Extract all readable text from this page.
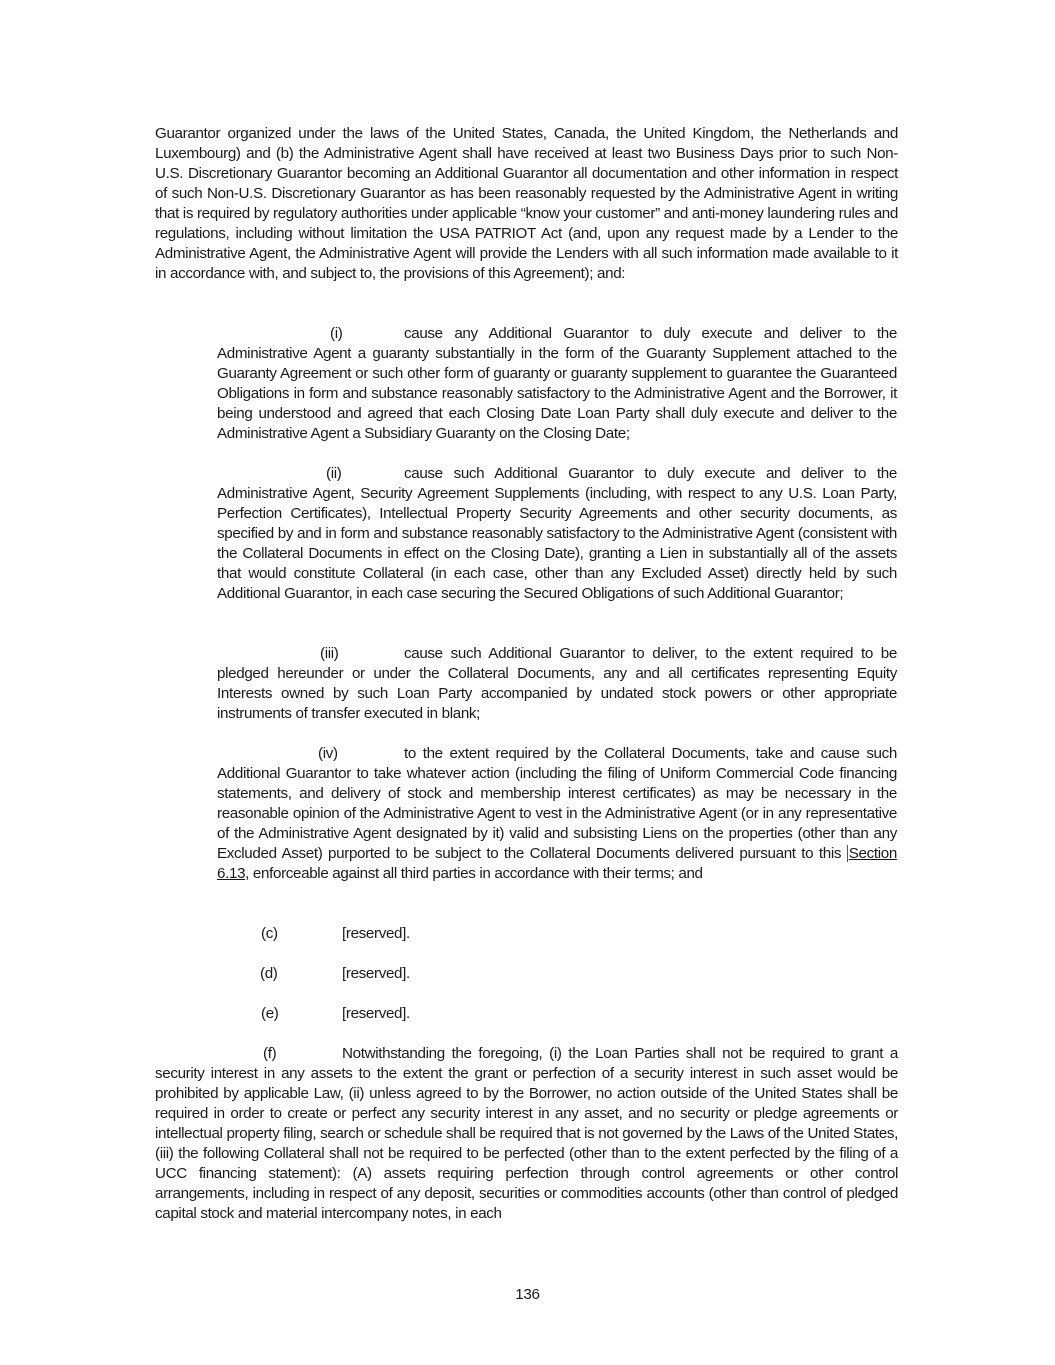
Guarantor organized under the laws of the United States, Canada, the United Kingdom, the Netherlands and Luxembourg) and (b) the Administrative Agent shall have received at least two Business Days prior to such Non-U.S. Discretionary Guarantor becoming an Additional Guarantor all documentation and other information in respect of such Non-U.S. Discretionary Guarantor as has been reasonably requested by the Administrative Agent in writing that is required by regulatory authorities under applicable “know your customer” and anti-money laundering rules and regulations, including without limitation the USA PATRIOT Act (and, upon any request made by a Lender to the Administrative Agent, the Administrative Agent will provide the Lenders with all such information made available to it in accordance with, and subject to, the provisions of this Agreement); and:

(i)	cause any Additional Guarantor to duly execute and deliver to the Administrative Agent a guaranty substantially in the form of the Guaranty Supplement attached to the Guaranty Agreement or such other form of guaranty or guaranty supplement to guarantee the Guaranteed Obligations in form and substance reasonably satisfactory to the Administrative Agent and the Borrower, it being understood and agreed that each Closing Date Loan Party shall duly execute and deliver to the Administrative Agent a Subsidiary Guaranty on the Closing Date;

(ii)	cause such Additional Guarantor to duly execute and deliver to the Administrative Agent, Security Agreement Supplements (including, with respect to any U.S. Loan Party, Perfection Certificates), Intellectual Property Security Agreements and other security documents, as specified by and in form and substance reasonably satisfactory to the Administrative Agent (consistent with the Collateral Documents in effect on the Closing Date), granting a Lien in substantially all of the assets that would constitute Collateral (in each case, other than any Excluded Asset) directly held by such Additional Guarantor, in each case securing the Secured Obligations of such Additional Guarantor;

(iii)	cause such Additional Guarantor to deliver, to the extent required to be pledged hereunder or under the Collateral Documents, any and all certificates representing Equity Interests owned by such Loan Party accompanied by undated stock powers or other appropriate instruments of transfer executed in blank;

(iv)	to the extent required by the Collateral Documents, take and cause such Additional Guarantor to take whatever action (including the filing of Uniform Commercial Code financing statements, and delivery of stock and membership interest certificates) as may be necessary in the reasonable opinion of the Administrative Agent to vest in the Administrative Agent (or in any representative of the Administrative Agent designated by it) valid and subsisting Liens on the properties (other than any Excluded Asset) purported to be subject to the Collateral Documents delivered pursuant to this Section 6.13, enforceable against all third parties in accordance with their terms; and

(c)	[reserved].
(d)	[reserved].
(e)	[reserved].

(f)	Notwithstanding the foregoing, (i) the Loan Parties shall not be required to grant a security interest in any assets to the extent the grant or perfection of a security interest in such asset would be prohibited by applicable Law, (ii) unless agreed to by the Borrower, no action outside of the United States shall be required in order to create or perfect any security interest in any asset, and no security or pledge agreements or intellectual property filing, search or schedule shall be required that is not governed by the Laws of the United States, (iii) the following Collateral shall not be required to be perfected (other than to the extent perfected by the filing of a UCC financing statement): (A) assets requiring perfection through control agreements or other control arrangements, including in respect of any deposit, securities or commodities accounts (other than control of pledged capital stock and material intercompany notes, in each

136
